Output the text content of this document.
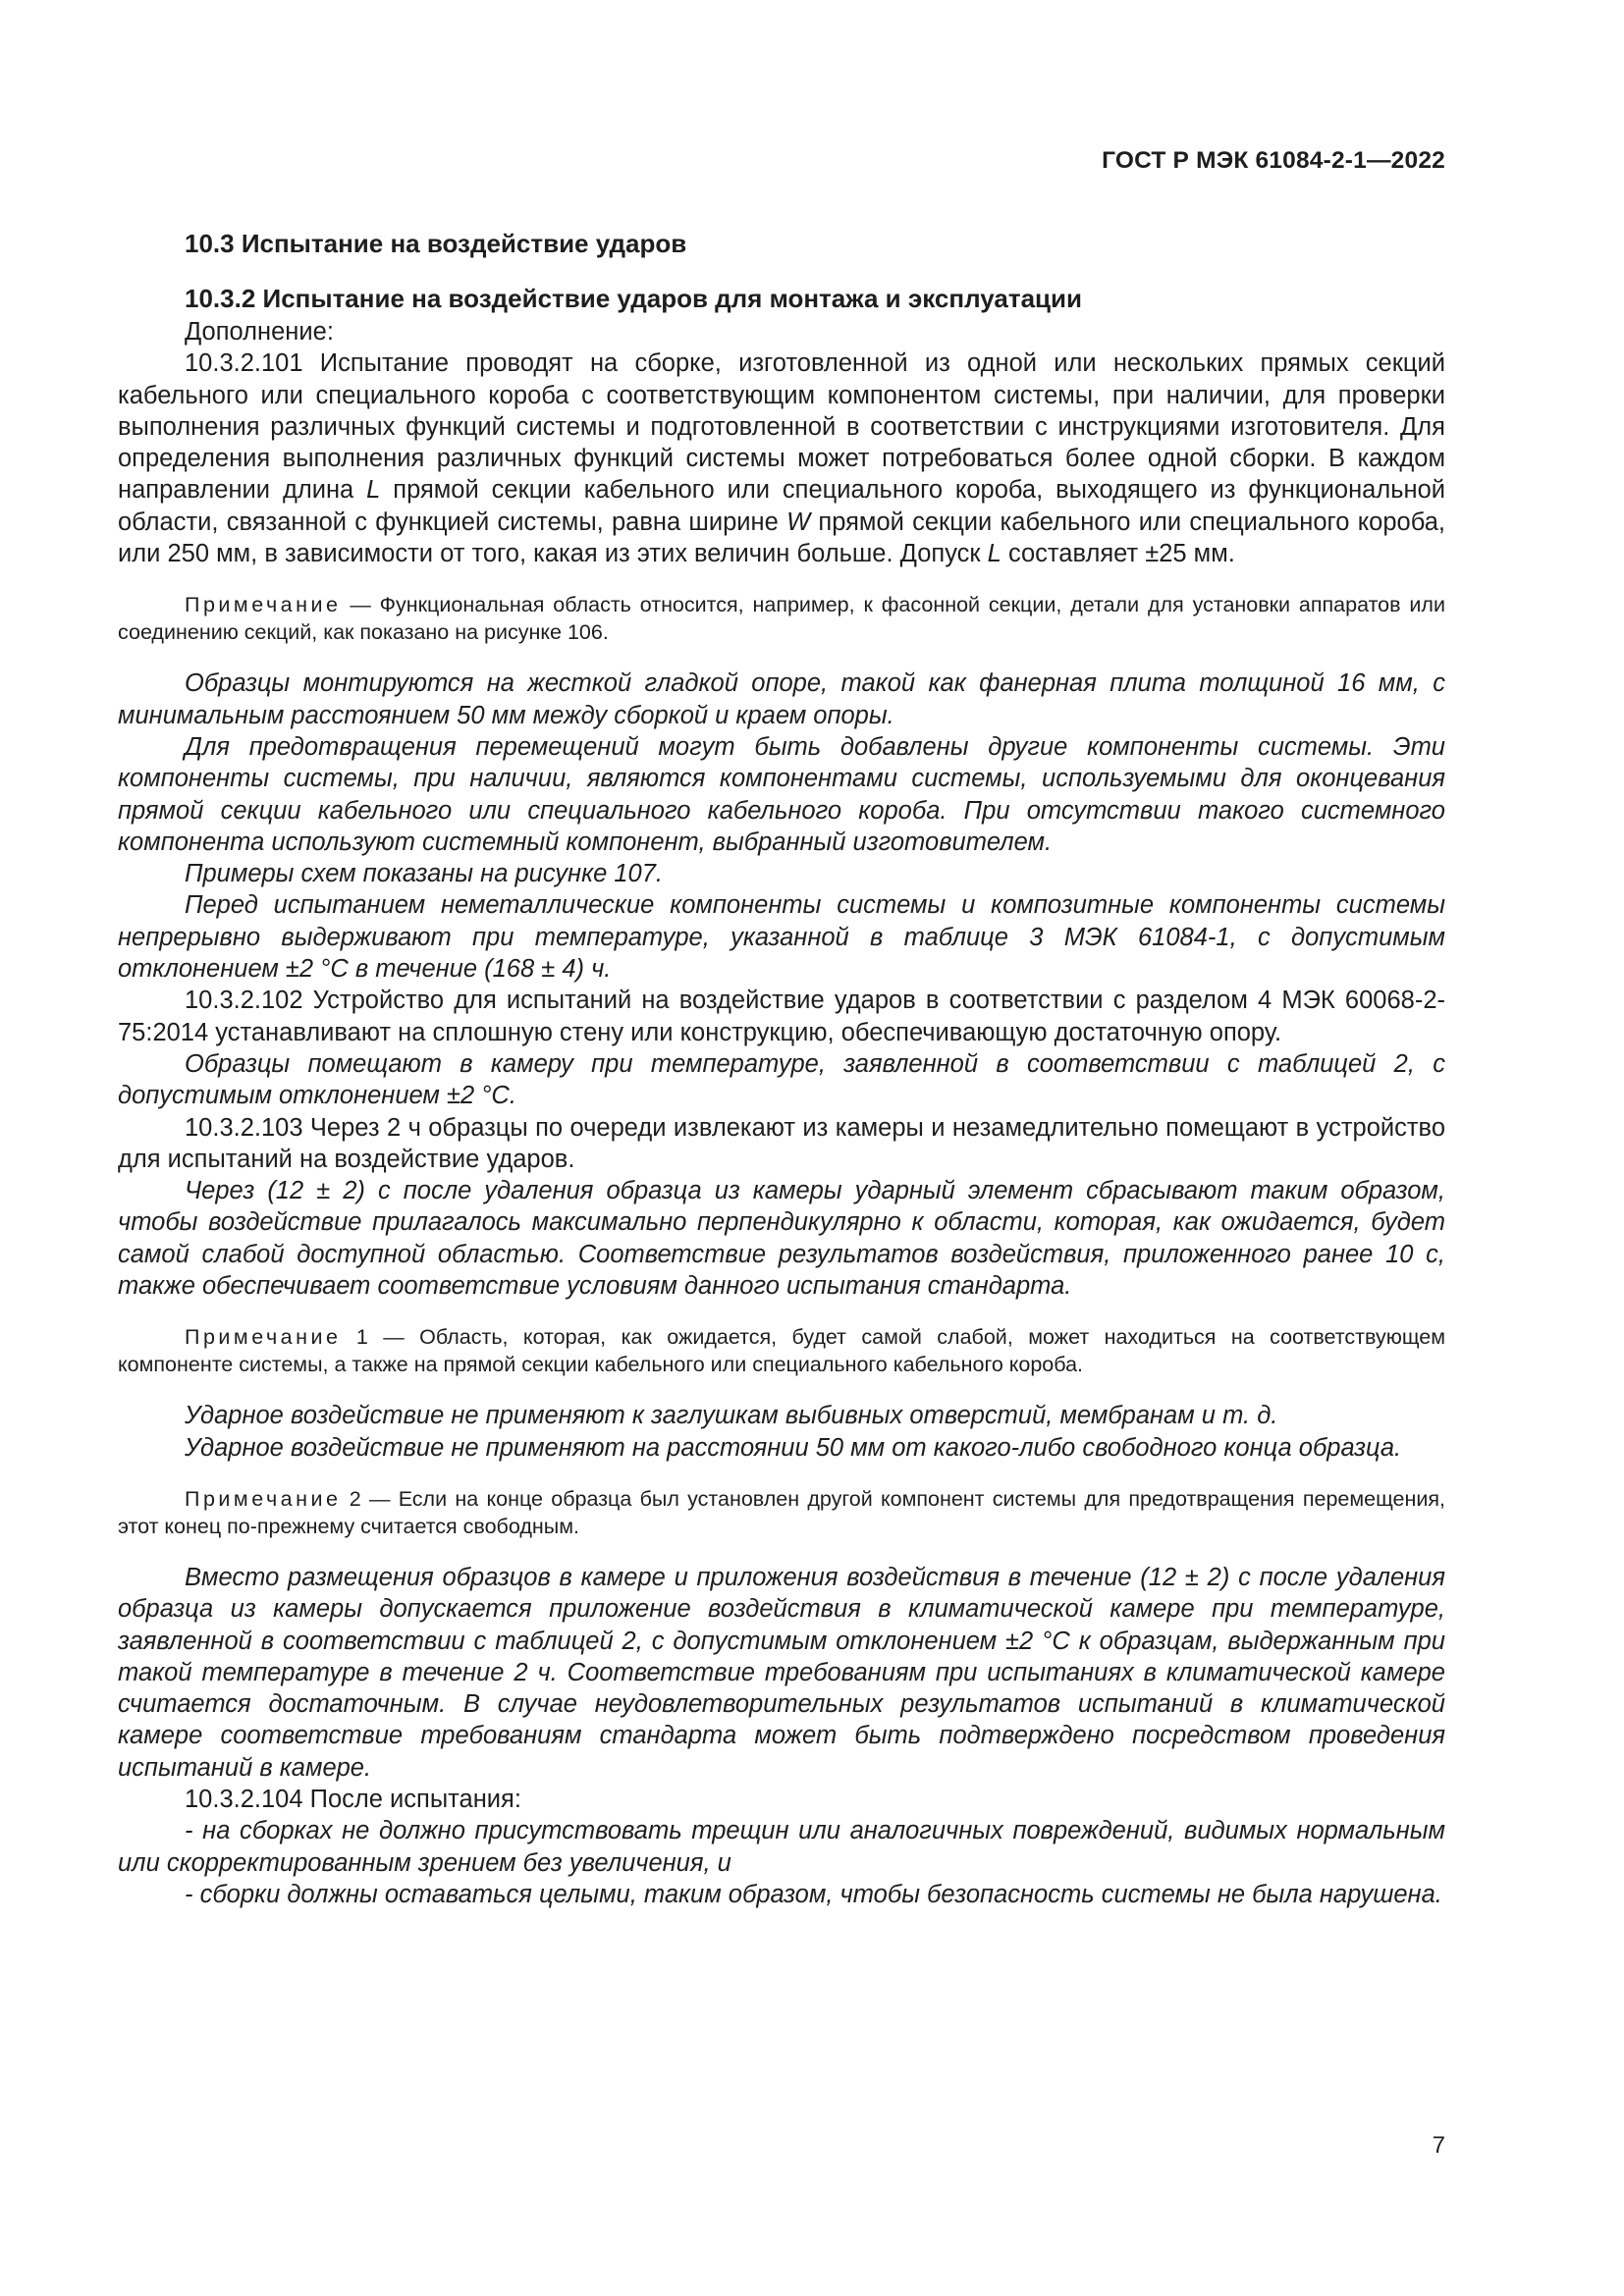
ГОСТ Р МЭК 61084-2-1—2022
10.3 Испытание на воздействие ударов
10.3.2 Испытание на воздействие ударов для монтажа и эксплуатации

Дополнение:

10.3.2.101 Испытание проводят на сборке, изготовленной из одной или нескольких прямых секций кабельного или специального короба с соответствующим компонентом системы, при наличии, для проверки выполнения различных функций системы и подготовленной в соответствии с инструкциями изготовителя. Для определения выполнения различных функций системы может потребоваться более одной сборки. В каждом направлении длина L прямой секции кабельного или специального короба, выходящего из функциональной области, связанной с функцией системы, равна ширине W прямой секции кабельного или специального короба, или 250 мм, в зависимости от того, какая из этих величин больше. Допуск L составляет ±25 мм.

Примечание — Функциональная область относится, например, к фасонной секции, детали для установки аппаратов или соединению секций, как показано на рисунке 106.

Образцы монтируются на жесткой гладкой опоре, такой как фанерная плита толщиной 16 мм, с минимальным расстоянием 50 мм между сборкой и краем опоры.

Для предотвращения перемещений могут быть добавлены другие компоненты системы. Эти компоненты системы, при наличии, являются компонентами системы, используемыми для оконцевания прямой секции кабельного или специального кабельного короба. При отсутствии такого системного компонента используют системный компонент, выбранный изготовителем.

Примеры схем показаны на рисунке 107.

Перед испытанием неметаллические компоненты системы и композитные компоненты системы непрерывно выдерживают при температуре, указанной в таблице 3 МЭК 61084-1, с допустимым отклонением ±2 °С в течение (168 ± 4) ч.

10.3.2.102 Устройство для испытаний на воздействие ударов в соответствии с разделом 4 МЭК 60068-2-75:2014 устанавливают на сплошную стену или конструкцию, обеспечивающую достаточную опору.

Образцы помещают в камеру при температуре, заявленной в соответствии с таблицей 2, с допустимым отклонением ±2 °С.

10.3.2.103 Через 2 ч образцы по очереди извлекают из камеры и незамедлительно помещают в устройство для испытаний на воздействие ударов.

Через (12 ± 2) с после удаления образца из камеры ударный элемент сбрасывают таким образом, чтобы воздействие прилагалось максимально перпендикулярно к области, которая, как ожидается, будет самой слабой доступной областью. Соответствие результатов воздействия, приложенного ранее 10 с, также обеспечивает соответствие условиям данного испытания стандарта.

Примечание 1 — Область, которая, как ожидается, будет самой слабой, может находиться на соответствующем компоненте системы, а также на прямой секции кабельного или специального кабельного короба.

Ударное воздействие не применяют к заглушкам выбивных отверстий, мембранам и т. д.

Ударное воздействие не применяют на расстоянии 50 мм от какого-либо свободного конца образца.

Примечание 2 — Если на конце образца был установлен другой компонент системы для предотвращения перемещения, этот конец по-прежнему считается свободным.

Вместо размещения образцов в камере и приложения воздействия в течение (12 ± 2) с после удаления образца из камеры допускается приложение воздействия в климатической камере при температуре, заявленной в соответствии с таблицей 2, с допустимым отклонением ±2 °С к образцам, выдержанным при такой температуре в течение 2 ч. Соответствие требованиям при испытаниях в климатической камере считается достаточным. В случае неудовлетворительных результатов испытаний в климатической камере соответствие требованиям стандарта может быть подтверждено посредством проведения испытаний в камере.

10.3.2.104 После испытания:

- на сборках не должно присутствовать трещин или аналогичных повреждений, видимых нормальным или скорректированным зрением без увеличения, и

- сборки должны оставаться целыми, таким образом, чтобы безопасность системы не была нарушена.

7
